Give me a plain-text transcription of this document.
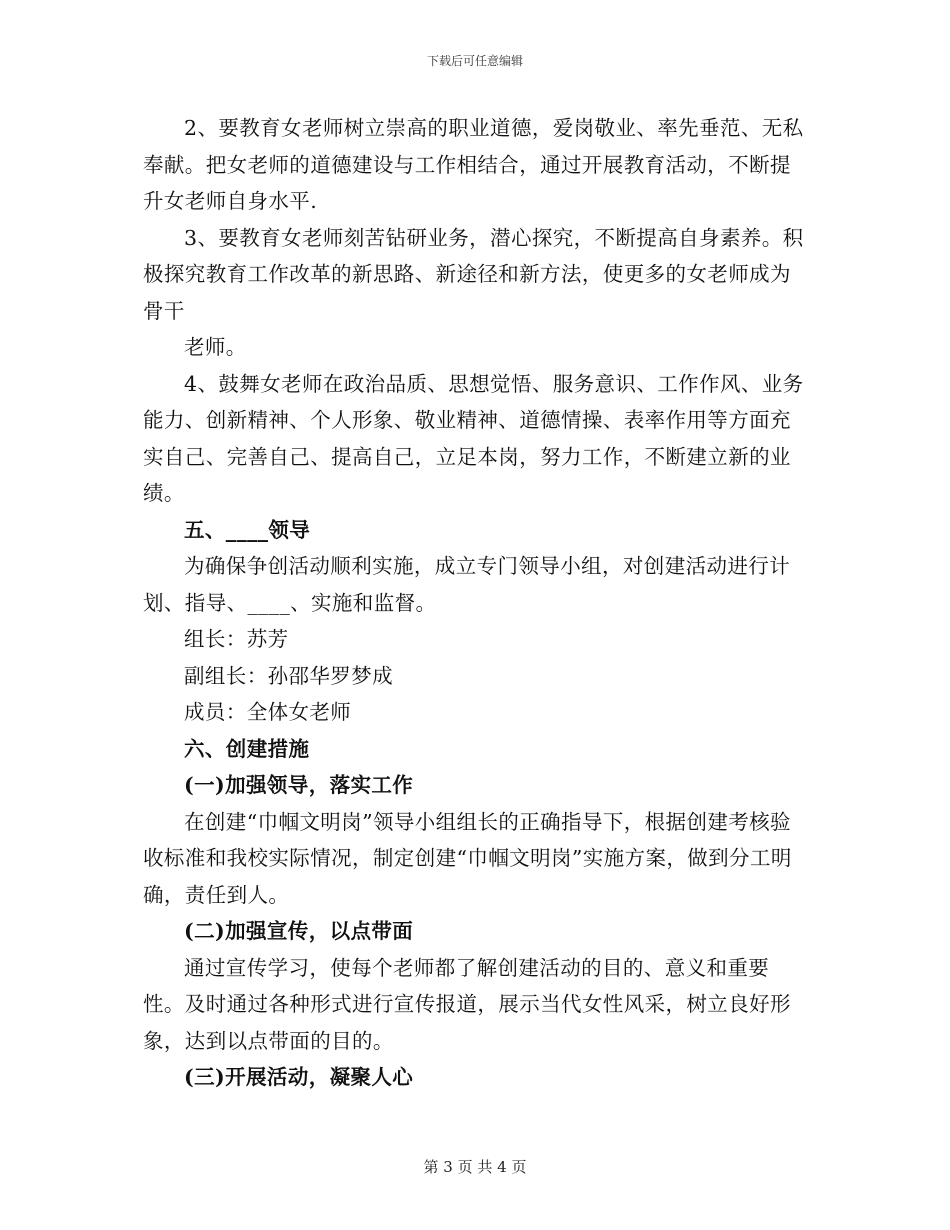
下载后可任意编辑

2、要教育女老师树立崇高的职业道德，爱岗敬业、率先垂范、无私奉献。把女老师的道德建设与工作相结合，通过开展教育活动，不断提升女老师自身水平.

3、要教育女老师刻苦钻研业务，潜心探究，不断提高自身素养。积极探究教育工作改革的新思路、新途径和新方法，使更多的女老师成为骨干

老师。

4、鼓舞女老师在政治品质、思想觉悟、服务意识、工作作风、业务能力、创新精神、个人形象、敬业精神、道德情操、表率作用等方面充实自己、完善自己、提高自己，立足本岗，努力工作，不断建立新的业绩。

五、____领导

为确保争创活动顺利实施，成立专门领导小组，对创建活动进行计划、指导、____、实施和监督。

组长：苏芳

副组长：孙邵华罗梦成

成员：全体女老师

六、创建措施

(一)加强领导，落实工作

在创建“巾帼文明岗”领导小组组长的正确指导下，根据创建考核验收标准和我校实际情况，制定创建“巾帼文明岗”实施方案，做到分工明确，责任到人。

(二)加强宣传，以点带面

通过宣传学习，使每个老师都了解创建活动的目的、意义和重要性。及时通过各种形式进行宣传报道，展示当代女性风采，树立良好形象，达到以点带面的目的。

(三)开展活动，凝聚人心

第 3 页 共 4 页
